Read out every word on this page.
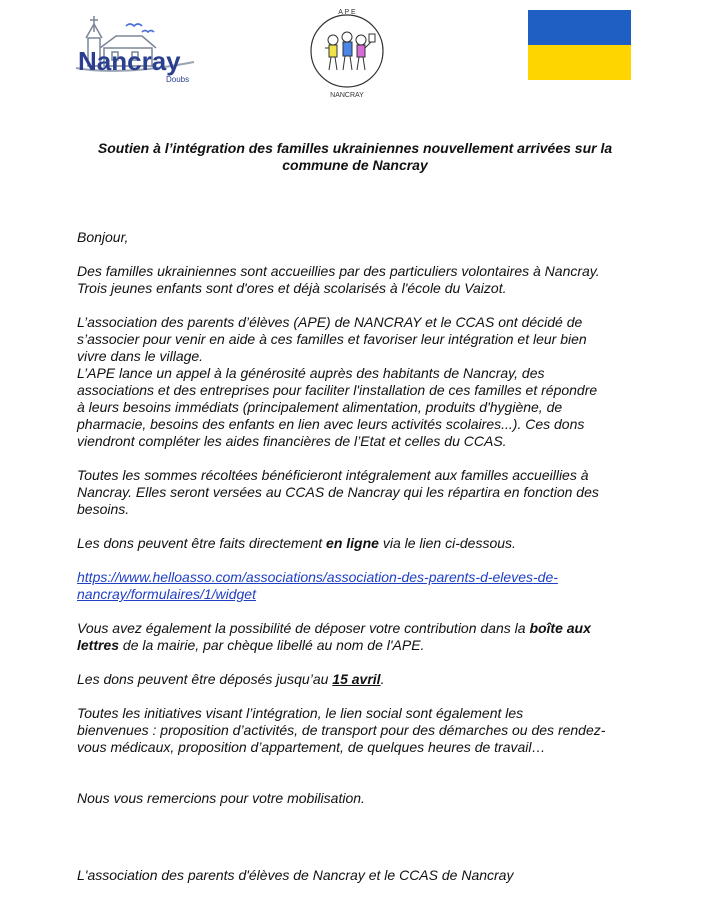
Nancray
Doubs
A P E
NANCRAY
Soutien à l’intégration des familles ukrainiennes nouvellement arrivées sur la
commune de Nancray

Bonjour,

Des familles ukrainiennes sont accueillies par des particuliers volontaires à Nancray.
Trois jeunes enfants sont d'ores et déjà scolarisés à l'école du Vaizot.

L’association des parents d’élèves (APE) de NANCRAY et le CCAS ont décidé de
s’associer pour venir en aide à ces familles et favoriser leur intégration et leur bien
vivre dans le village.
L’APE lance un appel à la générosité auprès des habitants de Nancray, des
associations et des entreprises pour faciliter l'installation de ces familles et répondre
à leurs besoins immédiats (principalement alimentation, produits d'hygiène, de
pharmacie, besoins des enfants en lien avec leurs activités scolaires...). Ces dons
viendront compléter les aides financières de l’Etat et celles du CCAS.

Toutes les sommes récoltées bénéficieront intégralement aux familles accueillies à
Nancray. Elles seront versées au CCAS de Nancray qui les répartira en fonction des
besoins.

Les dons peuvent être faits directement en ligne via le lien ci-dessous.

https://www.helloasso.com/associations/association-des-parents-d-eleves-de-
nancray/formulaires/1/widget

Vous avez également la possibilité de déposer votre contribution dans la boîte aux
lettres de la mairie, par chèque libellé au nom de l'APE.

Les dons peuvent être déposés jusqu’au 15 avril.

Toutes les initiatives visant l’intégration, le lien social sont également les
bienvenues : proposition d’activités, de transport pour des démarches ou des rendez-
vous médicaux, proposition d’appartement, de quelques heures de travail…

Nous vous remercions pour votre mobilisation.

L'association des parents d'élèves de Nancray et le CCAS de Nancray
